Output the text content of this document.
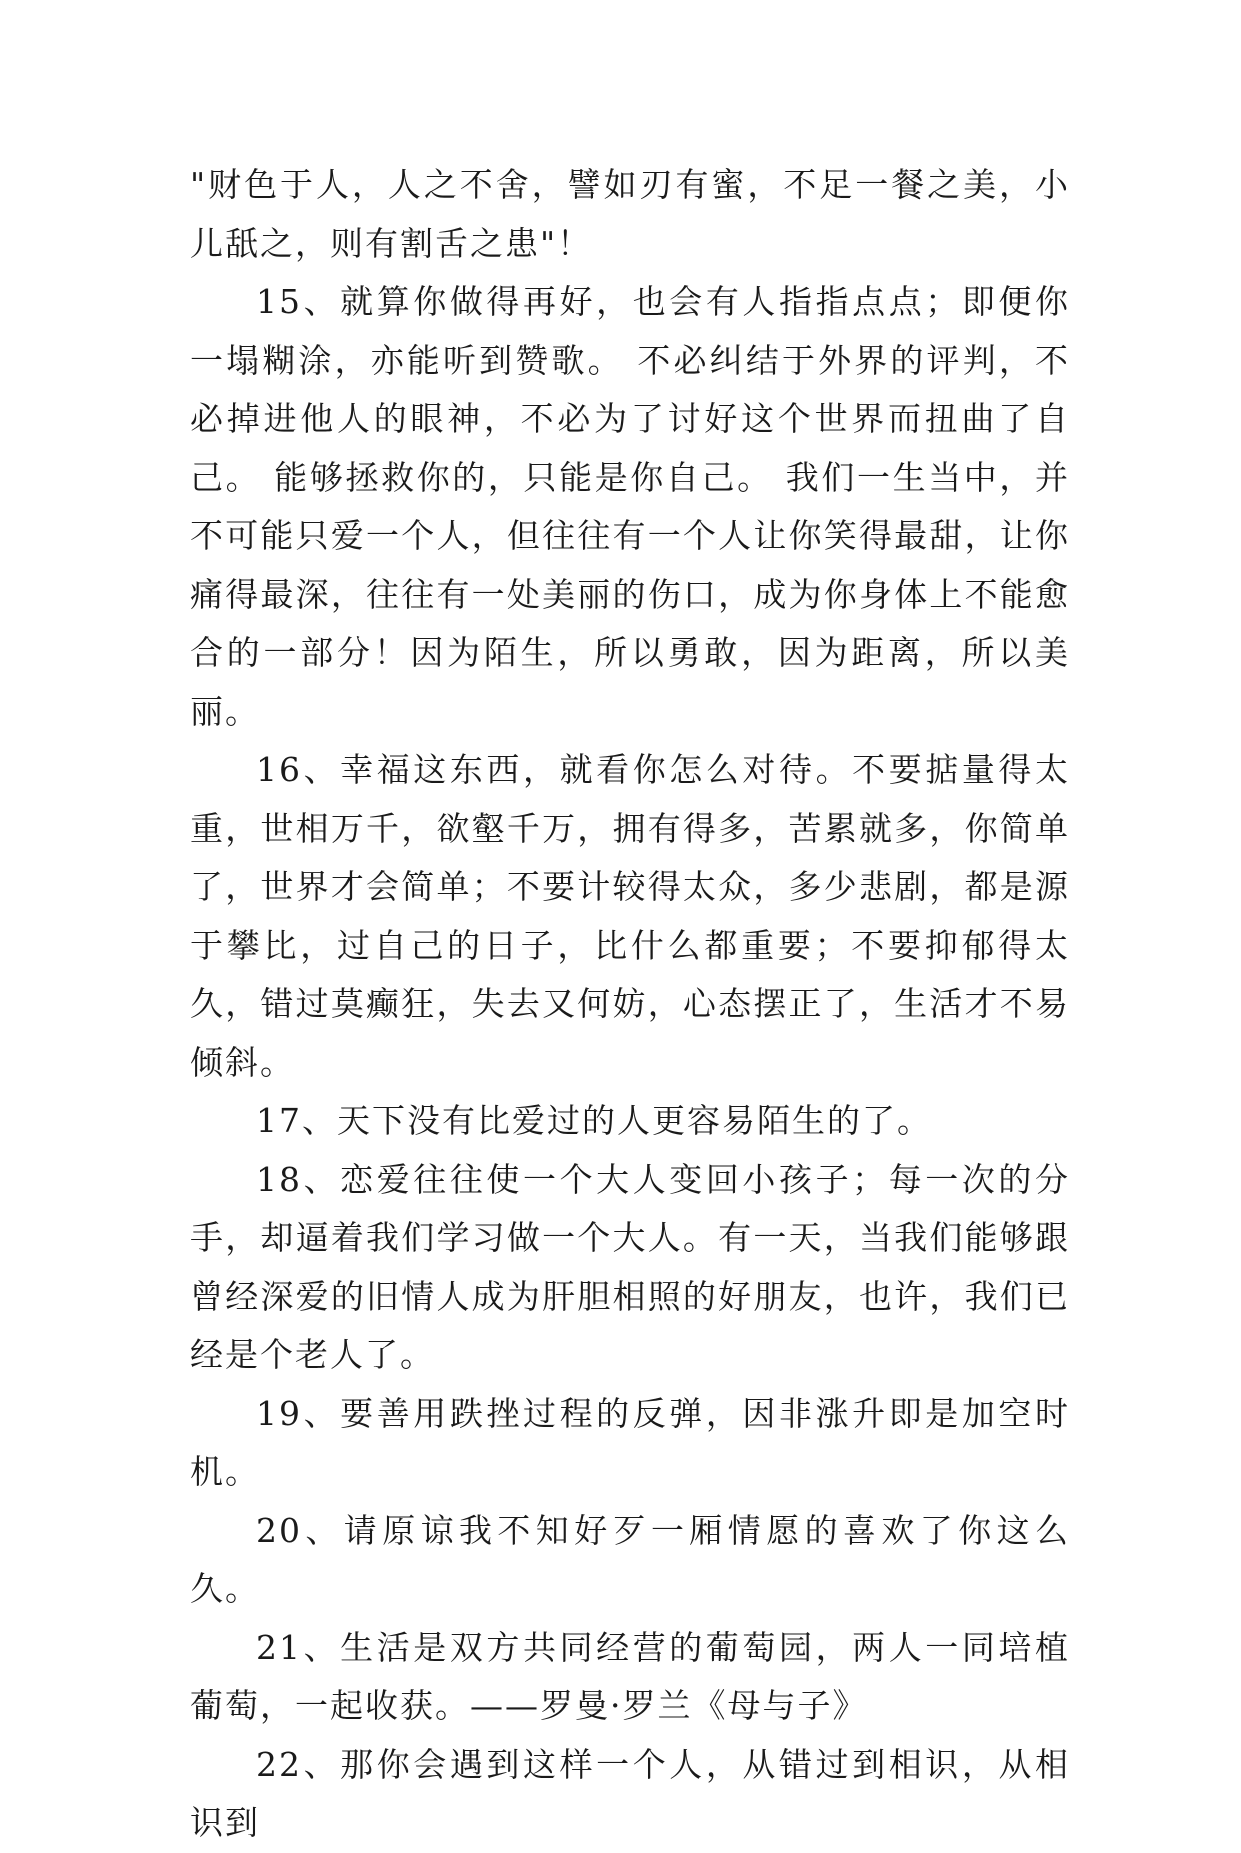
"财色于人，人之不舍，譬如刃有蜜，不足一餐之美，小儿舐之，则有割舌之患"！

15、就算你做得再好，也会有人指指点点；即便你一塌糊涂，亦能听到赞歌。 不必纠结于外界的评判，不必掉进他人的眼神，不必为了讨好这个世界而扭曲了自己。 能够拯救你的，只能是你自己。 我们一生当中，并不可能只爱一个人，但往往有一个人让你笑得最甜，让你痛得最深，往往有一处美丽的伤口，成为你身体上不能愈合的一部分！因为陌生，所以勇敢，因为距离，所以美丽。

16、幸福这东西，就看你怎么对待。不要掂量得太重，世相万千，欲壑千万，拥有得多，苦累就多，你简单了，世界才会简单；不要计较得太众，多少悲剧，都是源于攀比，过自己的日子，比什么都重要；不要抑郁得太久，错过莫癫狂，失去又何妨，心态摆正了，生活才不易倾斜。

17、天下没有比爱过的人更容易陌生的了。

18、恋爱往往使一个大人变回小孩子；每一次的分手，却逼着我们学习做一个大人。有一天，当我们能够跟曾经深爱的旧情人成为肝胆相照的好朋友，也许，我们已经是个老人了。

19、要善用跌挫过程的反弹，因非涨升即是加空时机。

20、请原谅我不知好歹一厢情愿的喜欢了你这么久。

21、生活是双方共同经营的葡萄园，两人一同培植葡萄，一起收获。——罗曼·罗兰《母与子》

22、那你会遇到这样一个人，从错过到相识，从相识到
